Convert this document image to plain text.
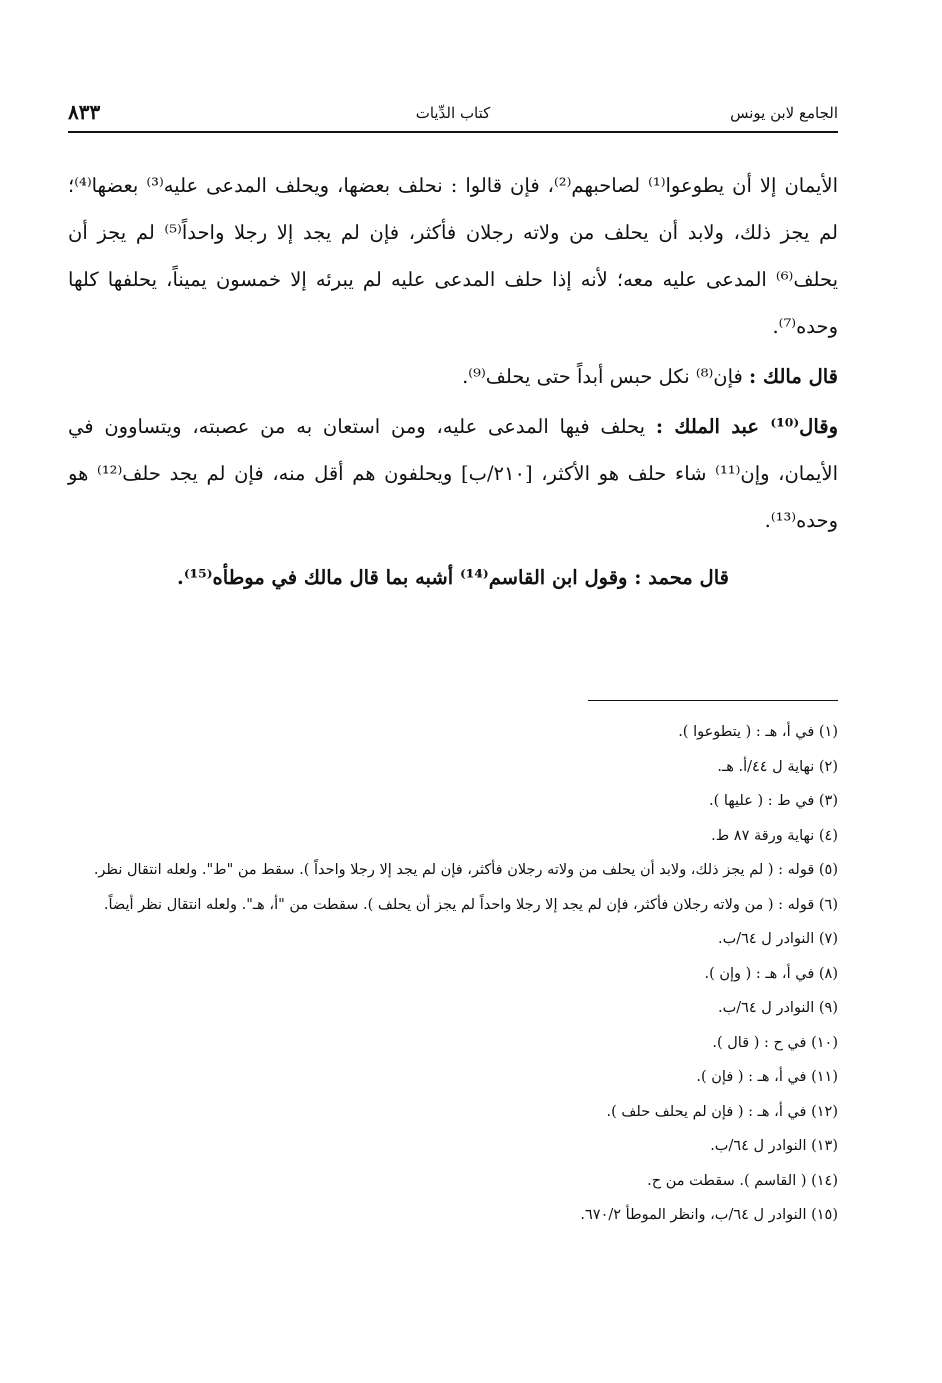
الجامع لابن يونس
كتاب الدِّيات
٨٣٣

الأيمان إلا أن يطوعوا⁽¹⁾ لصاحبهم⁽²⁾، فإن قالوا : نحلف بعضها، ويحلف المدعى عليه⁽³⁾ بعضها⁽⁴⁾؛ لم يجز ذلك، ولابد أن يحلف من ولاته رجلان فأكثر، فإن لم يجد إلا رجلا واحداً⁽⁵⁾ لم يجز أن يحلف⁽⁶⁾ المدعى عليه معه؛ لأنه إذا حلف المدعى عليه لم يبرئه إلا خمسون يميناً، يحلفها كلها وحده⁽⁷⁾.

قال مالك : فإن⁽⁸⁾ نكل حبس أبداً حتى يحلف⁽⁹⁾.

وقال⁽¹⁰⁾ عبد الملك : يحلف فيها المدعى عليه، ومن استعان به من عصبته، ويتساوون في الأيمان، وإن⁽¹¹⁾ شاء حلف هو الأكثر، [٢١٠/ب] ويحلفون هم أقل منه، فإن لم يجد حلف⁽¹²⁾ هو وحده⁽¹³⁾.

قال محمد : وقول ابن القاسم⁽¹⁴⁾ أشبه بما قال مالك في موطأه⁽¹⁵⁾.

(١) في أ، هـ : ( يتطوعوا ).

(٢) نهاية ل ٤٤/أ. هـ.

(٣) في ط : ( عليها ).

(٤) نهاية ورقة ٨٧ ط.

(٥) قوله : ( لم يجز ذلك، ولابد أن يحلف من ولاته رجلان فأكثر، فإن لم يجد إلا رجلا واحداً ). سقط من "ط". ولعله انتقال نظر.

(٦) قوله : ( من ولاته رجلان فأكثر، فإن لم يجد إلا رجلا واحداً لم يجز أن يحلف ). سقطت من "أ، هـ". ولعله انتقال نظر أيضاً.

(٧) النوادر ل ٦٤/ب.

(٨) في أ، هـ : ( وإن ).

(٩) النوادر ل ٦٤/ب.

(١٠) في ح : ( قال ).

(١١) في أ، هـ : ( فإن ).

(١٢) في أ، هـ : ( فإن لم يحلف حلف ).

(١٣) النوادر ل ٦٤/ب.

(١٤) ( القاسم ). سقطت من ح.

(١٥) النوادر ل ٦٤/ب، وانظر الموطأ ٦٧٠/٢.
